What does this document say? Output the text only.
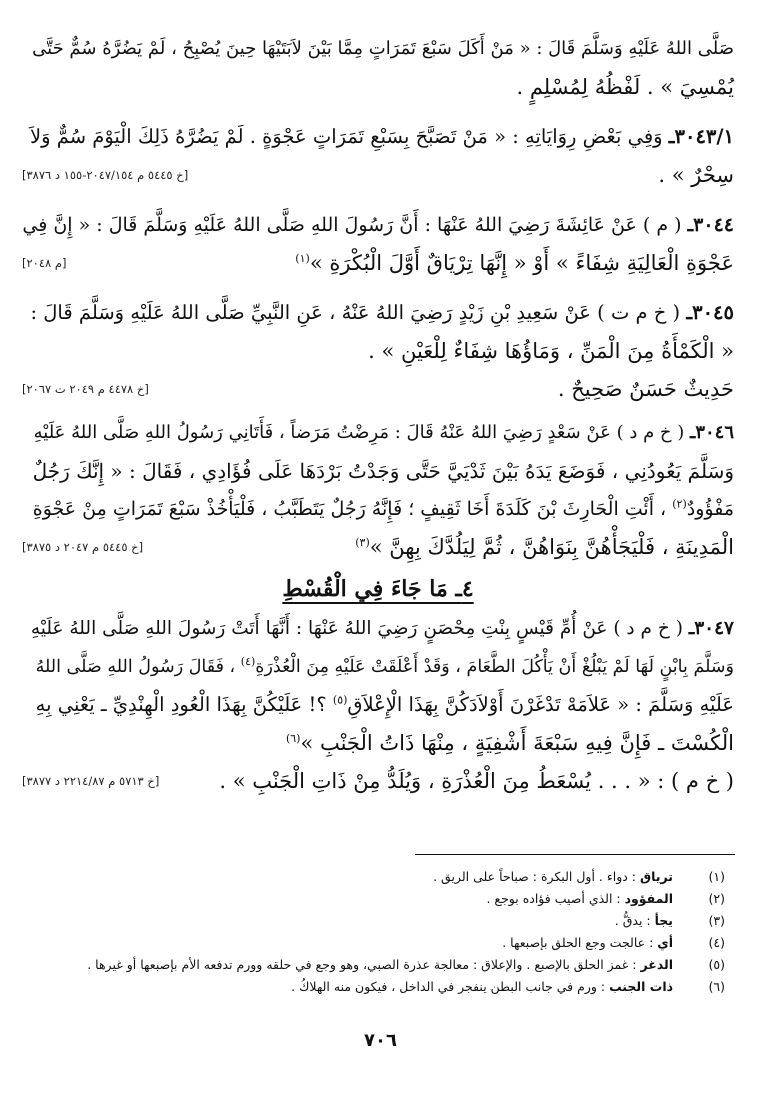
صَلَّى اللهُ عَلَيْهِ وَسَلَّمَ قَالَ : « مَنْ أَكَلَ سَبْعَ تَمَرَاتٍ مِمَّا بَيْنَ لاَبَتَيْهَا حِينَ يُصْبِحُ ، لَمْ يَضُرَّهُ سُمٌّ حَتَّى
يُمْسِيَ » . لَفْظُهُ لِمُسْلِمٍ .
٣٠٤٣/١ـ وَفِي بَعْضِ رِوَايَاتِهِ : « مَنْ تَصَبَّحَ بِسَبْعِ تَمَرَاتٍ عَجْوَةٍ . لَمْ يَضُرَّهُ ذَلِكَ الْيَوْمَ سُمٌّ وَلاَ
سِحْرٌ » .
[خ ٥٤٤٥ م ٢٠٤٧/١٥٤-١٥٥ د ٣٨٧٦]
٣٠٤٤ـ ( م ) عَنْ عَائِشَةَ رَضِيَ اللهُ عَنْهَا : أَنَّ رَسُولَ اللهِ صَلَّى اللهُ عَلَيْهِ وَسَلَّمَ قَالَ : « إِنَّ فِي
عَجْوَةِ الْعَالِيَةِ شِفَاءً » أَوْ « إِنَّهَا تِرْيَاقٌ أَوَّلَ الْبُكْرَةِ »$^{(١)}$
[م ٢٠٤٨]
٣٠٤٥ـ ( خ م ت ) عَنْ سَعِيدِ بْنِ زَيْدٍ رَضِيَ اللهُ عَنْهُ ، عَنِ النَّبِيِّ صَلَّى اللهُ عَلَيْهِ وَسَلَّمَ قَالَ :
« الْكَمْأَةُ مِنَ الْمَنِّ ، وَمَاؤُهَا شِفَاءٌ لِلْعَيْنِ » .
حَدِيثٌ حَسَنٌ صَحِيحٌ .
[خ ٤٤٧٨ م ٢٠٤٩ ت ٢٠٦٧]
٣٠٤٦ـ ( خ م د ) عَنْ سَعْدٍ رَضِيَ اللهُ عَنْهُ قَالَ : مَرِضْتُ مَرَضاً ، فَأَتَانِي رَسُولُ اللهِ صَلَّى اللهُ عَلَيْهِ
وَسَلَّمَ يَعُودُنِي ، فَوَضَعَ يَدَهُ بَيْنَ ثَدْيَيَّ حَتَّى وَجَدْتُ بَرْدَهَا عَلَى فُؤَادِي ، فَقَالَ : « إِنَّكَ رَجُلٌ
مَفْؤُودٌ$^{(٢)}$ ، أَئْتِ الْحَارِثَ بْنَ كَلَدَةَ أَخَا ثَقِيفٍ ؛ فَإِنَّهُ رَجُلٌ يَتَطَبَّبُ ، فَلْيَأْخُذْ سَبْعَ تَمَرَاتٍ مِنْ عَجْوَةِ
الْمَدِينَةِ ، فَلْيَجَأْهُنَّ بِنَوَاهُنَّ ، ثُمَّ لِيَلُدَّكَ بِهِنَّ »$^{(٣)}$
[خ ٥٤٤٥ م ٢٠٤٧ د ٣٨٧٥]
٤ـ مَا جَاءَ فِي الْقُسْطِ
٣٠٤٧ـ ( خ م د ) عَنْ أُمِّ قَيْسٍ بِنْتِ مِحْصَنٍ رَضِيَ اللهُ عَنْهَا : أَنَّهَا أَتَتْ رَسُولَ اللهِ صَلَّى اللهُ عَلَيْهِ
وَسَلَّمَ بِابْنٍ لَهَا لَمْ يَبْلُغْ أَنْ يَأْكُلَ الطَّعَامَ ، وَقَدْ أَعْلَقَتْ عَلَيْهِ مِنَ الْعُذْرَةِ$^{(٤)}$ ، فَقَالَ رَسُولُ اللهِ صَلَّى اللهُ
عَلَيْهِ وَسَلَّمَ : « عَلاَمَهْ تَدْغَرْنَ أَوْلاَدَكُنَّ بِهَذَا الْإِعْلاَقِ$^{(٥)}$ ؟! عَلَيْكُنَّ بِهَذَا الْعُودِ الْهِنْدِيِّ ـ يَعْنِي بِهِ
الْكُسْتَ ـ فَإِنَّ فِيهِ سَبْعَةَ أَشْفِيَةٍ ، مِنْهَا ذَاتُ الْجَنْبِ »$^{(٦)}$
( خ م ) : « . . . يُسْعَطُ مِنَ الْعُذْرَةِ ، وَيُلَدُّ مِنْ ذَاتِ الْجَنْبِ » .
[خ ٥٧١٣ م ٢٢١٤/٨٧ د ٣٨٧٧]
(١) ترياق : دواء . أول البكرة : صباحاً على الريق .
(٢) المفؤود : الذي أصيب فؤاده بوجع .
(٣) يجأ : يدقُّ .
(٤) أي : عالجت وجع الحلق بإصبعها .
(٥) الدغر : غمز الحلق بالإصبع . والإعلاق : معالجة عذرة الصبي، وهو وجع في حلقه وورم تدفعه الأم بإصبعها أو غيرها .
(٦) ذات الجنب : ورم في جانب البطن ينفجر في الداخل ، فيكون منه الهلاكُ .
٧٠٦
